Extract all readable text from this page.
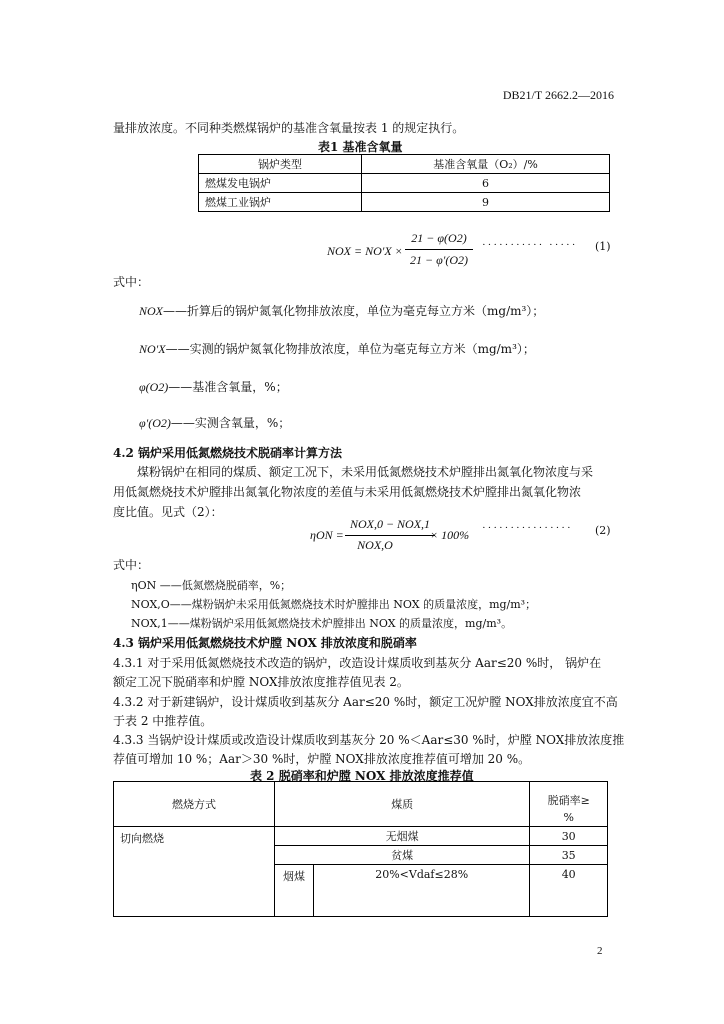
DB21/T 2662.2—2016
量排放浓度。不同种类燃煤锅炉的基准含氧量按表 1 的规定执行。
表1 基准含氧量
锅炉类型	基准含氧量（O₂）/%
燃煤发电锅炉	6
燃煤工业锅炉	9
NOX = NO'X ×
21 − φ(O2)
21 − φ'(O2)
··········· ····· (1)
式中：
NOX——折算后的锅炉氮氧化物排放浓度，单位为毫克每立方米（mg/m³）；
NO'X——实测的锅炉氮氧化物排放浓度，单位为毫克每立方米（mg/m³）；
φ(O2)——基准含氧量，%；
φ'(O2)——实测含氧量，%；
4.2 锅炉采用低氮燃烧技术脱硝率计算方法
煤粉锅炉在相同的煤质、额定工况下，未采用低氮燃烧技术炉膛排出氮氧化物浓度与采
用低氮燃烧技术炉膛排出氮氧化物浓度的差值与未采用低氮燃烧技术炉膛排出氮氧化物浓
度比值。见式（2）：
ηON =
NOX,0 − NOX,1
NOX,O
× 100% ················ (2)
式中：
ηON ——低氮燃烧脱硝率，%；
NOX,O——煤粉锅炉未采用低氮燃烧技术时炉膛排出 NOX 的质量浓度，mg/m³；
NOX,1——煤粉锅炉采用低氮燃烧技术炉膛排出 NOX 的质量浓度，mg/m³。
4.3 锅炉采用低氮燃烧技术炉膛 NOX 排放浓度和脱硝率
4.3.1 对于采用低氮燃烧技术改造的锅炉，改造设计煤质收到基灰分 Aar≤20 %时， 锅炉在
额定工况下脱硝率和炉膛 NOX排放浓度推荐值见表 2。
4.3.2 对于新建锅炉，设计煤质收到基灰分 Aar≤20 %时，额定工况炉膛 NOX排放浓度宜不高
于表 2 中推荐值。
4.3.3 当锅炉设计煤质或改造设计煤质收到基灰分 20 %＜Aar≤30 %时，炉膛 NOX排放浓度推
荐值可增加 10 %；Aar＞30 %时，炉膛 NOX排放浓度推荐值可增加 20 %。
表 2 脱硝率和炉膛 NOX 排放浓度推荐值
燃烧方式	煤质		脱硝率≥
			%
切向燃烧	无烟煤		30
	贫煤		35
	烟煤	20%<Vdaf≤28%	40
2
